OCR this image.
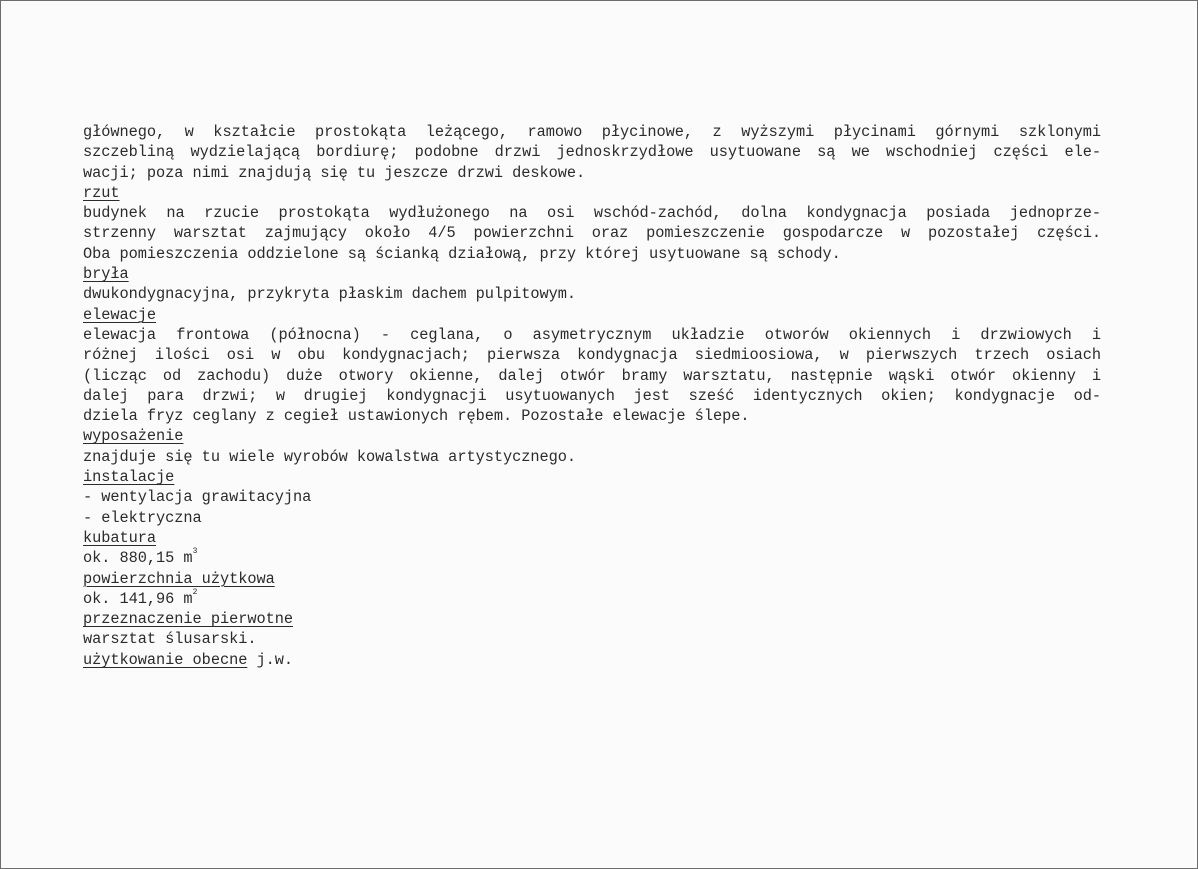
głównego, w kształcie prostokąta leżącego, ramowo płycinowe, z wyższymi płycinami górnymi szklonymi
szczebliną wydzielającą bordiurę; podobne drzwi jednoskrzydłowe usytuowane są we wschodniej części ele-
wacji; poza nimi znajdują się tu jeszcze drzwi deskowe.
rzut
budynek na rzucie prostokąta wydłużonego na osi wschód-zachód, dolna kondygnacja posiada jednoprze-
strzenny warsztat zajmujący około 4/5 powierzchni oraz pomieszczenie gospodarcze w pozostałej części.
Oba pomieszczenia oddzielone są ścianką działową, przy której usytuowane są schody.
bryła
dwukondygnacyjna, przykryta płaskim dachem pulpitowym.
elewacje
elewacja frontowa (północna) - ceglana, o asymetrycznym układzie otworów okiennych i drzwiowych i
różnej ilości osi w obu kondygnacjach; pierwsza kondygnacja siedmioosiowa, w pierwszych trzech osiach
(licząc od zachodu) duże otwory okienne, dalej otwór bramy warsztatu, następnie wąski otwór okienny i
dalej para drzwi; w drugiej kondygnacji usytuowanych jest sześć identycznych okien; kondygnacje od-
dziela fryz ceglany z cegieł ustawionych rębem. Pozostałe elewacje ślepe.
wyposażenie
znajduje się tu wiele wyrobów kowalstwa artystycznego.
instalacje
- wentylacja grawitacyjna
- elektryczna
kubatura
ok. 880,15 $m^3$
powierzchnia użytkowa
ok. 141,96 $m^2$
przeznaczenie pierwotne
warsztat ślusarski.
użytkowanie obecne j.w.
